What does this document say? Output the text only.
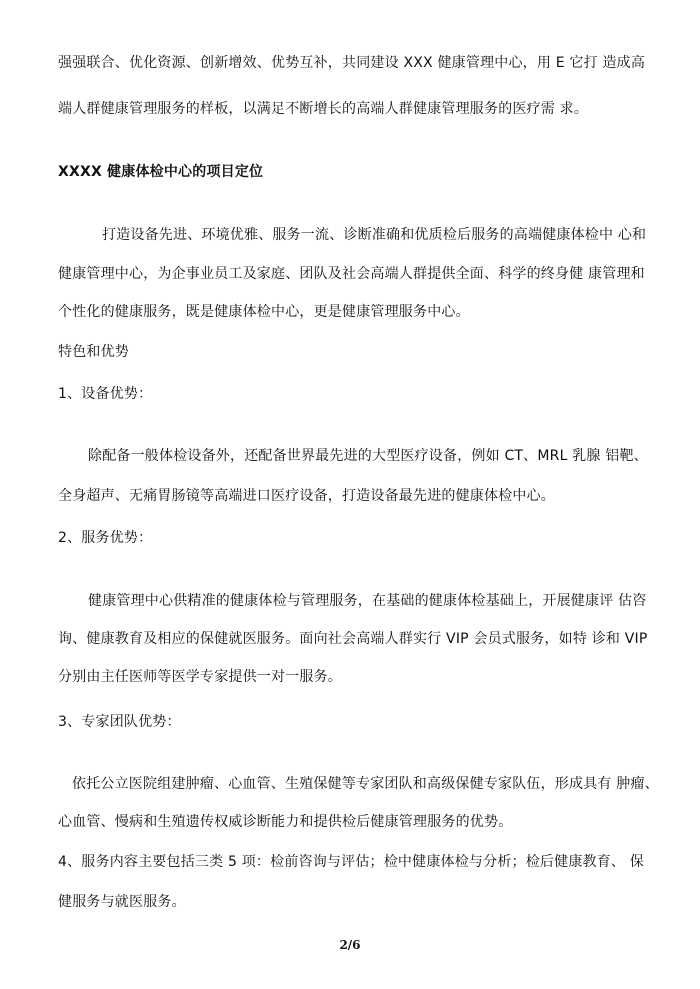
强强联合、优化资源、创新增效、优势互补，共同建设 XXX 健康管理中心，用 E 它打 造成高
端人群健康管理服务的样板，以满足不断增长的高端人群健康管理服务的医疗需 求。
XXXX 健康体检中心的项目定位
打造设备先进、环境优雅、服务一流、诊断准确和优质检后服务的高端健康体检中 心和
健康管理中心，为企事业员工及家庭、团队及社会高端人群提供全面、科学的终身健 康管理和
个性化的健康服务，既是健康体检中心，更是健康管理服务中心。
特色和优势
1、设备优势：
除配备一般体检设备外，还配备世界最先进的大型医疗设备，例如 CT、MRL 乳腺 铝靶、
全身超声、无痛胃肠镜等高端进口医疗设备，打造设备最先进的健康体检中心。
2、服务优势：
健康管理中心供精准的健康体检与管理服务，在基础的健康体检基础上，开展健康评 估咨
询、健康教育及相应的保健就医服务。面向社会高端人群实行 VIP 会员式服务，如特 诊和 VIP
分别由主任医师等医学专家提供一对一服务。
3、专家团队优势：
依托公立医院组建肿瘤、心血管、生殖保健等专家团队和高级保健专家队伍，形成具有 肿瘤、
心血管、慢病和生殖遗传权威诊断能力和提供检后健康管理服务的优势。
4、服务内容主要包括三类 5 项：检前咨询与评估；检中健康体检与分析；检后健康教育、 保
健服务与就医服务。
2/6
